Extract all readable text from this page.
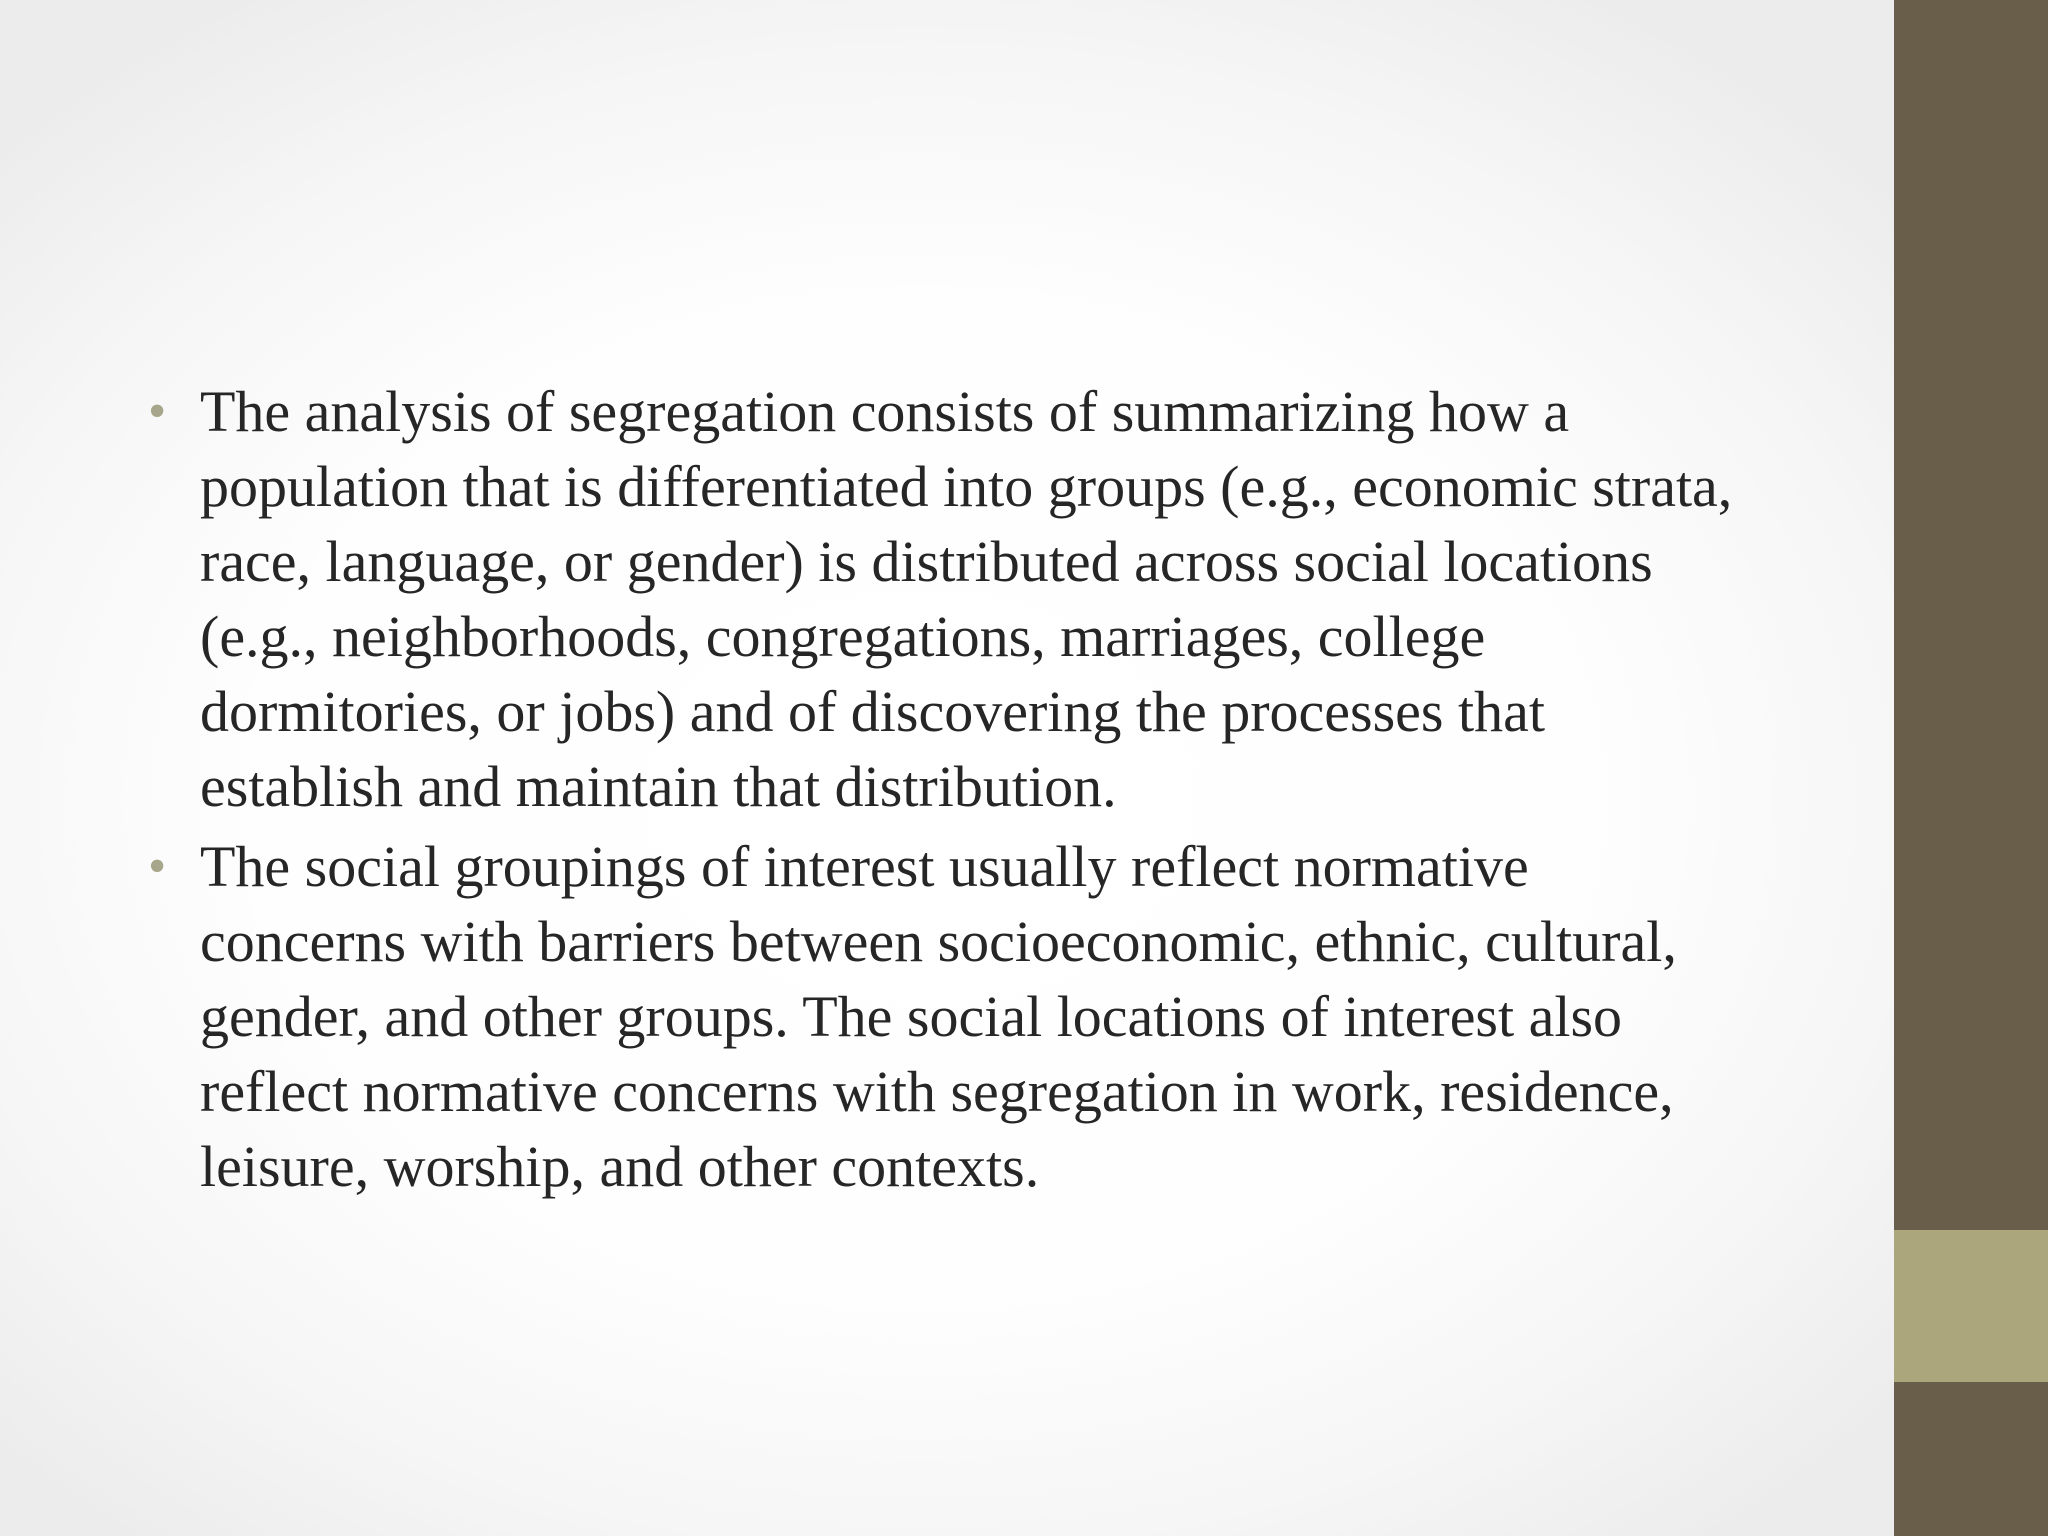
• The analysis of segregation consists of summarizing how a population that is differentiated into groups (e.g., economic strata, race, language, or gender) is distributed across social locations (e.g., neighborhoods, congregations, marriages, college dormitories, or jobs) and of discovering the processes that establish and maintain that distribution.
• The social groupings of interest usually reflect normative concerns with barriers between socioeconomic, ethnic, cultural, gender, and other groups. The social locations of interest also reflect normative concerns with segregation in work, residence, leisure, worship, and other contexts.
